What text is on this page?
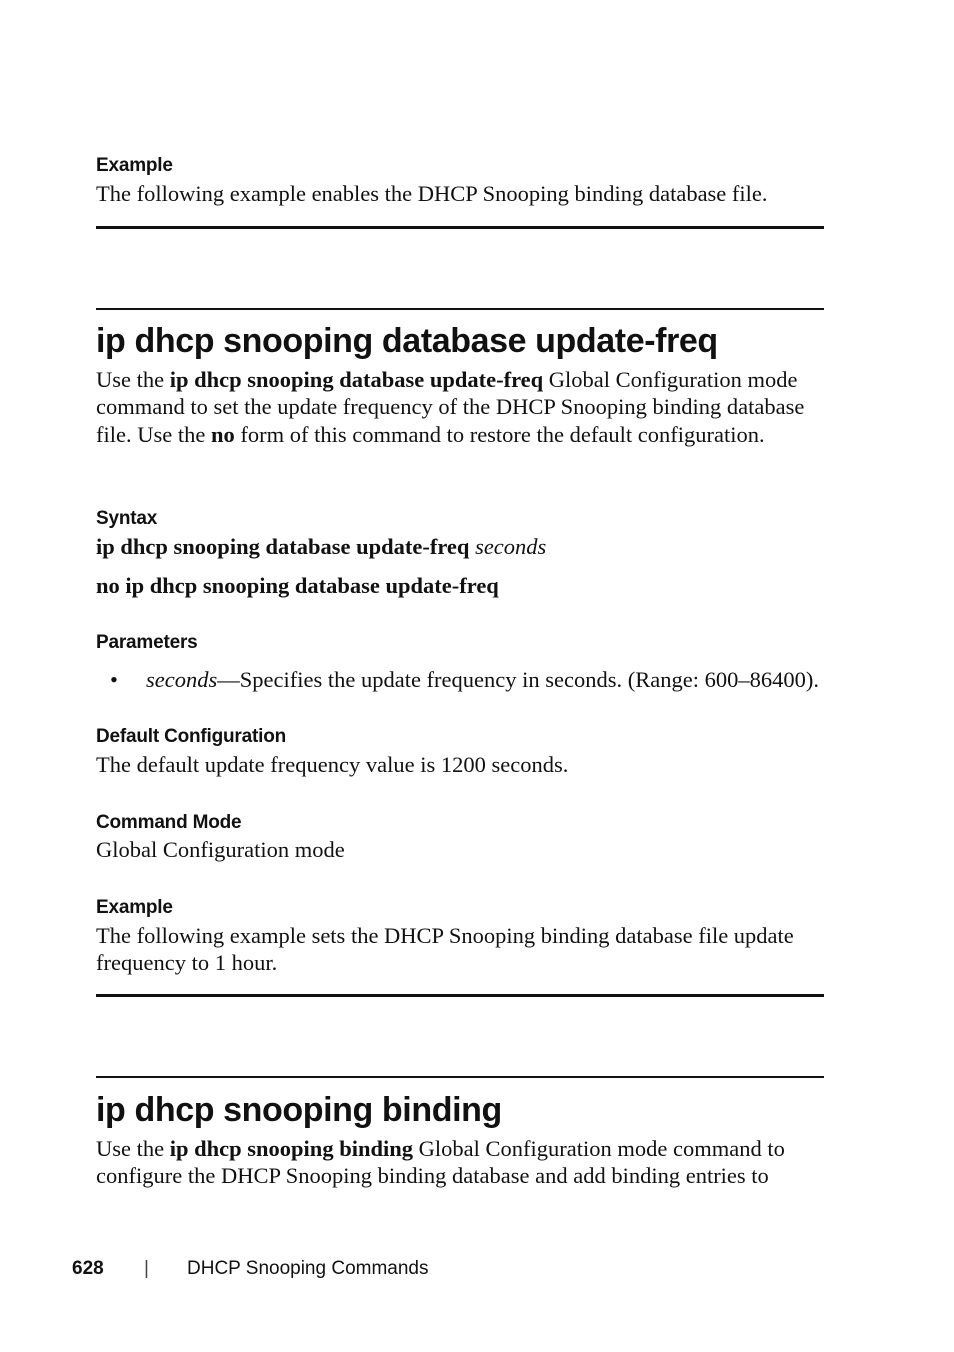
Example
The following example enables the DHCP Snooping binding database file.
ip dhcp snooping database update-freq
Use the ip dhcp snooping database update-freq Global Configuration mode command to set the update frequency of the DHCP Snooping binding database file. Use the no form of this command to restore the default configuration.
Syntax
ip dhcp snooping database update-freq seconds
no ip dhcp snooping database update-freq
Parameters
• seconds—Specifies the update frequency in seconds. (Range: 600–86400).
Default Configuration
The default update frequency value is 1200 seconds.
Command Mode
Global Configuration mode
Example
The following example sets the DHCP Snooping binding database file update frequency to 1 hour.
ip dhcp snooping binding
Use the ip dhcp snooping binding Global Configuration mode command to configure the DHCP Snooping binding database and add binding entries to
628 | DHCP Snooping Commands
